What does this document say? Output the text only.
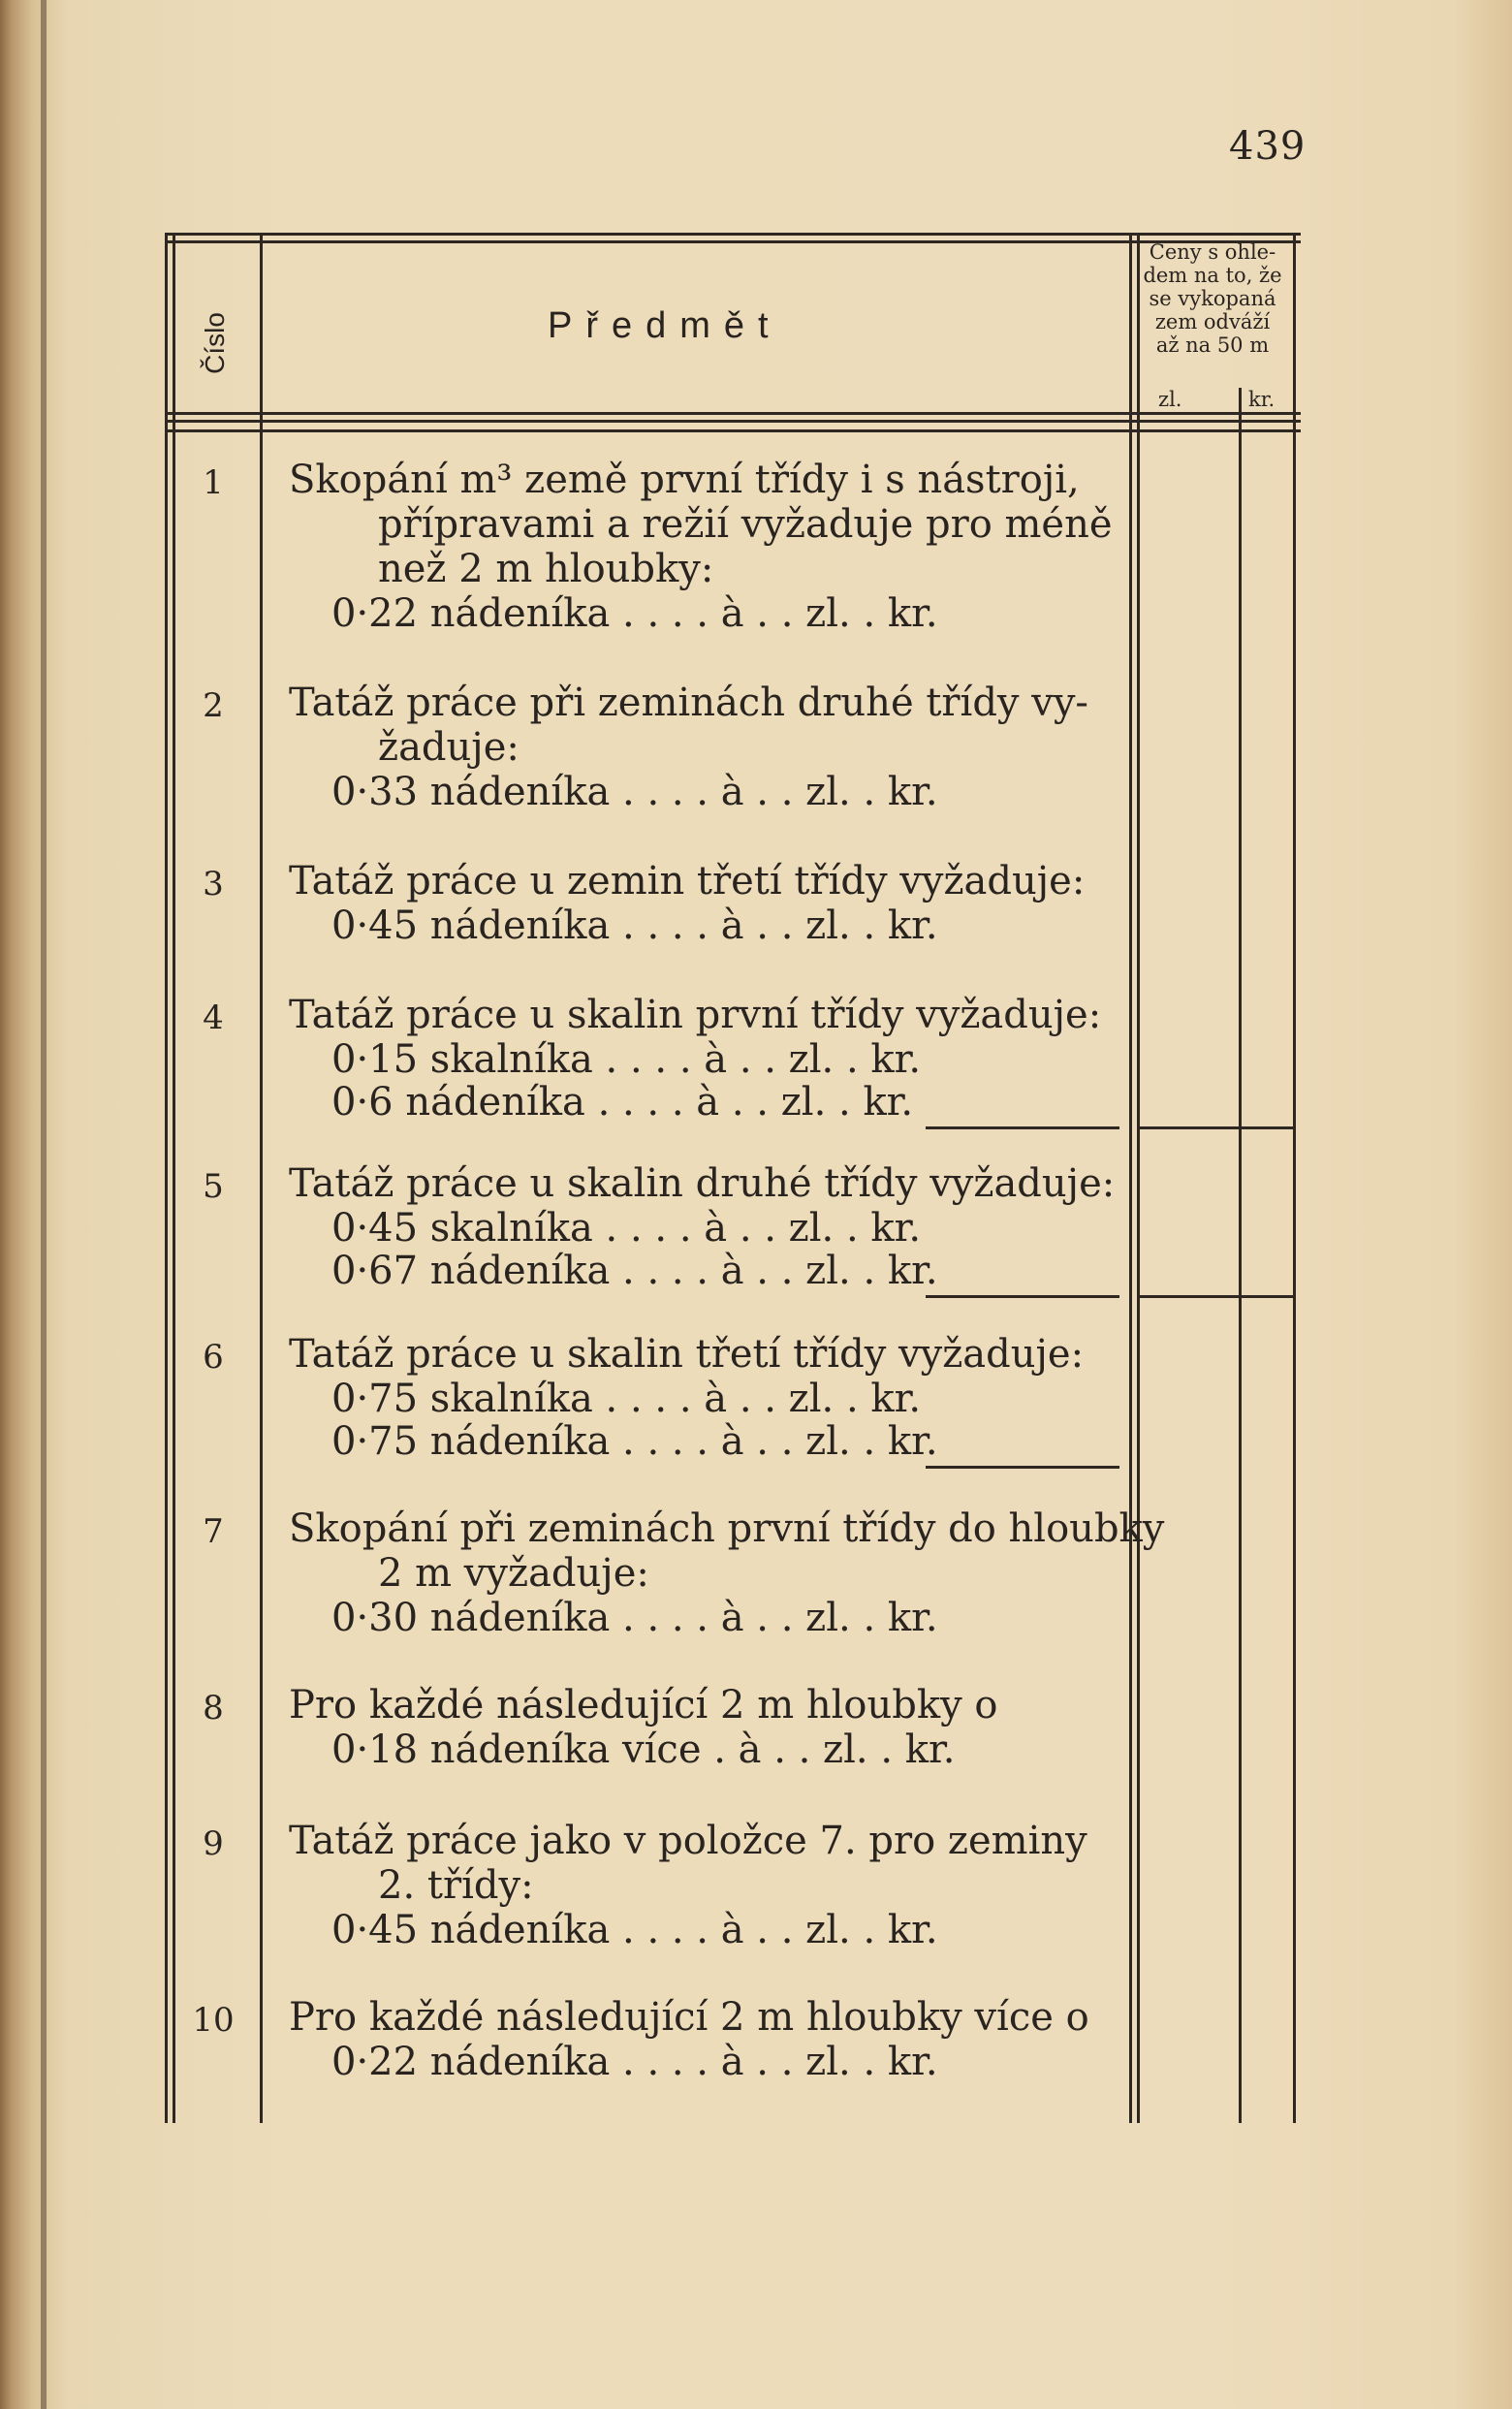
439
Číslo	Předmět
Ceny s ohle-
dem na to, že
se vykopaná
zem odváží
až na 50 m
zl.	kr.
1	Skopání m³ země první třídy i s nástroji,
přípravami a režií vyžaduje pro méně
než 2 m hloubky:
0·22 nádeníka . . . . à . . zl. . kr.
2	Tatáž práce při zeminách druhé třídy vy-
žaduje:
0·33 nádeníka . . . . à . . zl. . kr.
3	Tatáž práce u zemin třetí třídy vyžaduje:
0·45 nádeníka . . . . à . . zl. . kr.
4	Tatáž práce u skalin první třídy vyžaduje:
0·15 skalníka . . . . à . . zl. . kr.
0·6 nádeníka . . . . à . . zl. . kr.
5	Tatáž práce u skalin druhé třídy vyžaduje:
0·45 skalníka . . . . à . . zl. . kr.
0·67 nádeníka . . . . à . . zl. . kr.
6	Tatáž práce u skalin třetí třídy vyžaduje:
0·75 skalníka . . . . à . . zl. . kr.
0·75 nádeníka . . . . à . . zl. . kr.
7	Skopání při zeminách první třídy do hloubky
2 m vyžaduje:
0·30 nádeníka . . . . à . . zl. . kr.
8	Pro každé následující 2 m hloubky o
0·18 nádeníka více . à . . zl. . kr.
9	Tatáž práce jako v položce 7. pro zeminy
2. třídy:
0·45 nádeníka . . . . à . . zl. . kr.
10	Pro každé následující 2 m hloubky více o
0·22 nádeníka . . . . à . . zl. . kr.
